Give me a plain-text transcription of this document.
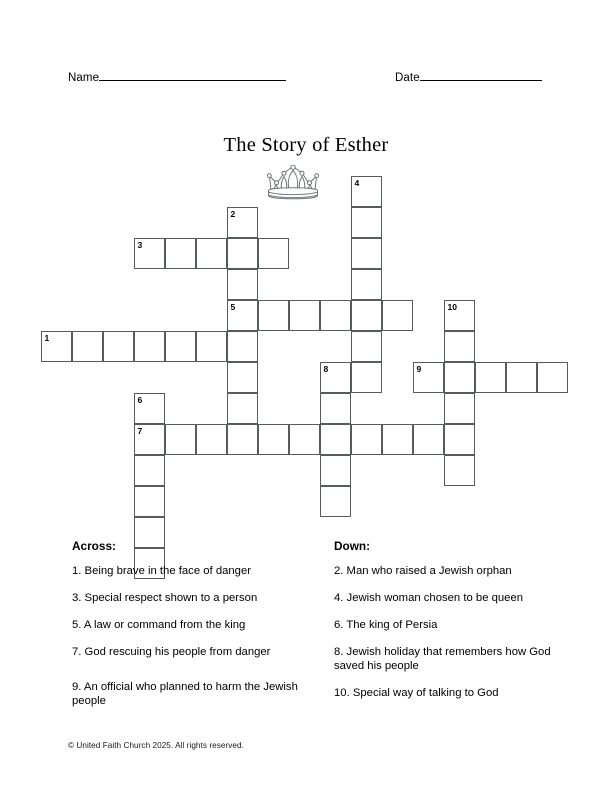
Name	Date
The Story of Esther
4
2
3
5	10
1
8	9
6
7
Across:

1. Being brave in the face of danger

3. Special respect shown to a person

5. A law or command from the king

7. God rescuing his people from danger

9. An official who planned to harm the Jewish people

Down:

2. Man who raised a Jewish orphan

4. Jewish woman chosen to be queen

6. The king of Persia

8. Jewish holiday that remembers how God saved his people

10. Special way of talking to God

© United Faith Church 2025. All rights reserved.
